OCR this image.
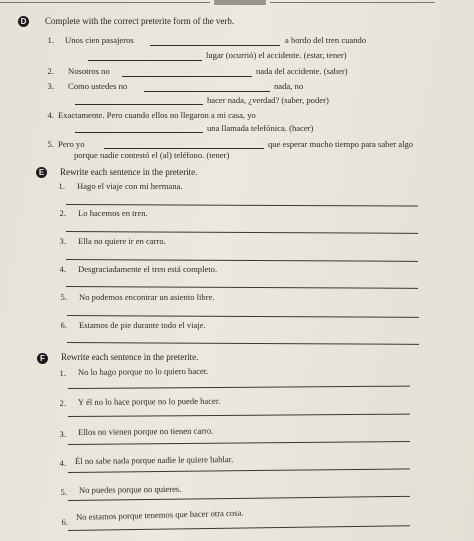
D Complete with the correct preterite form of the verb.
1. Unos cien pasajeros	a bordo del tren cuando
lugar (ocurrió) el accidente. (estar, tener)
2. Nosotros no	nada del accidente. (saber)
3. Como ustedes no	nada, no
hacer nada, ¿verdad? (saber, poder)
4. Exactamente. Pero cuando ellos no llegaron a mi casa, yo
una llamada telefónica. (hacer)
5. Pero yo	que esperar mucho tiempo para saber algo
porque nadie contestó el (al) teléfono. (tener)
E	Rewrite each sentence in the preterite.
1. Hago el viaje con mi hermana.
2. Lo hacemos en tren.
3. Ella no quiere ir en carro.
4. Desgraciadamente el tren está completo.
5. No podemos encontrar un asiento libre.
6. Estamos de pie durante todo el viaje.
F	Rewrite each sentence in the preterite.
1. No lo hago porque no lo quiero hacer.
2. Y él no lo hace porque no lo puede hacer.
3. Ellos no vienen porque no tienen carro.
4. Él no sabe nada porque nadie le quiere hablar.
5. No puedes porque no quieres.
6.
No estamos porque tenemos que hacer otra cosa.
